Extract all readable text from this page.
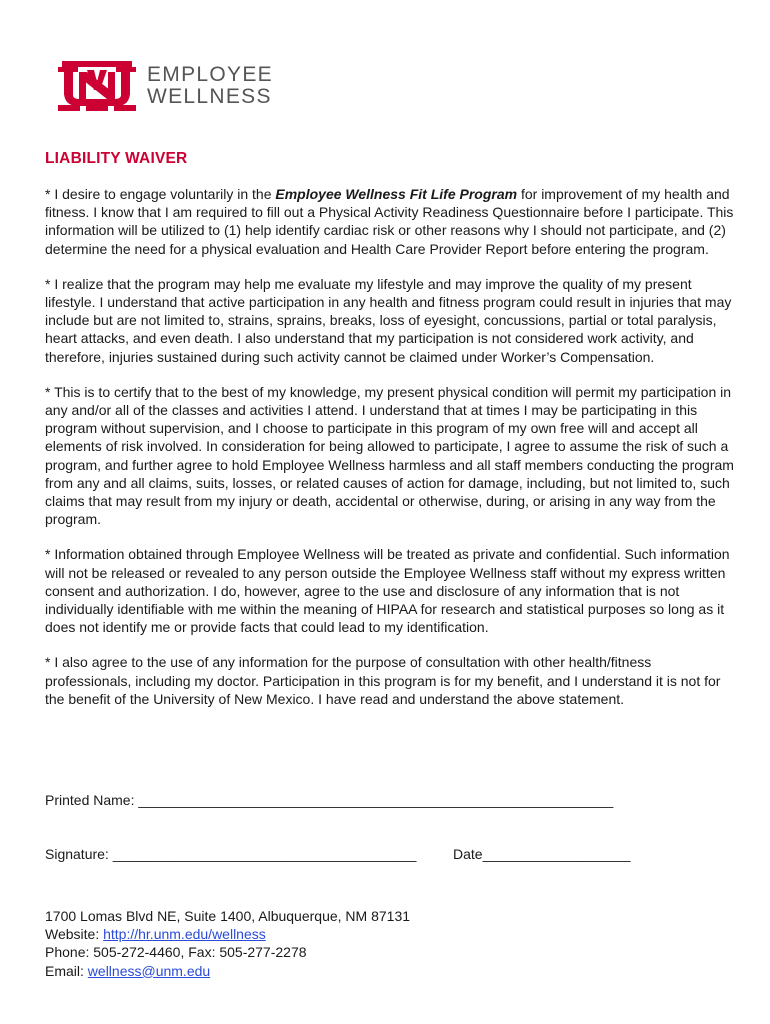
EMPLOYEE
WELLNESS
LIABILITY WAIVER

* I desire to engage voluntarily in the Employee Wellness Fit Life Program for improvement of my health and fitness. I know that I am required to fill out a Physical Activity Readiness Questionnaire before I participate. This information will be utilized to (1) help identify cardiac risk or other reasons why I should not participate, and (2) determine the need for a physical evaluation and Health Care Provider Report before entering the program.

* I realize that the program may help me evaluate my lifestyle and may improve the quality of my present lifestyle. I understand that active participation in any health and fitness program could result in injuries that may include but are not limited to, strains, sprains, breaks, loss of eyesight, concussions, partial or total paralysis, heart attacks, and even death. I also understand that my participation is not considered work activity, and therefore, injuries sustained during such activity cannot be claimed under Worker’s Compensation.

* This is to certify that to the best of my knowledge, my present physical condition will permit my participation in any and/or all of the classes and activities I attend. I understand that at times I may be participating in this program without supervision, and I choose to participate in this program of my own free will and accept all elements of risk involved. In consideration for being allowed to participate, I agree to assume the risk of such a program, and further agree to hold Employee Wellness harmless and all staff members conducting the program from any and all claims, suits, losses, or related causes of action for damage, including, but not limited to, such claims that may result from my injury or death, accidental or otherwise, during, or arising in any way from the program.

* Information obtained through Employee Wellness will be treated as private and confidential. Such information will not be released or revealed to any person outside the Employee Wellness staff without my express written consent and authorization. I do, however, agree to the use and disclosure of any information that is not individually identifiable with me within the meaning of HIPAA for research and statistical purposes so long as it does not identify me or provide facts that could lead to my identification.

* I also agree to the use of any information for the purpose of consultation with other health/fitness professionals, including my doctor. Participation in this program is for my benefit, and I understand it is not for the benefit of the University of New Mexico. I have read and understand the above statement.

Printed Name: _____________________________________________________________
Signature: _______________________________________	Date___________________
1700 Lomas Blvd NE, Suite 1400, Albuquerque, NM 87131
Website: http://hr.unm.edu/wellness
Phone: 505-272-4460, Fax: 505-277-2278
Email: wellness@unm.edu
